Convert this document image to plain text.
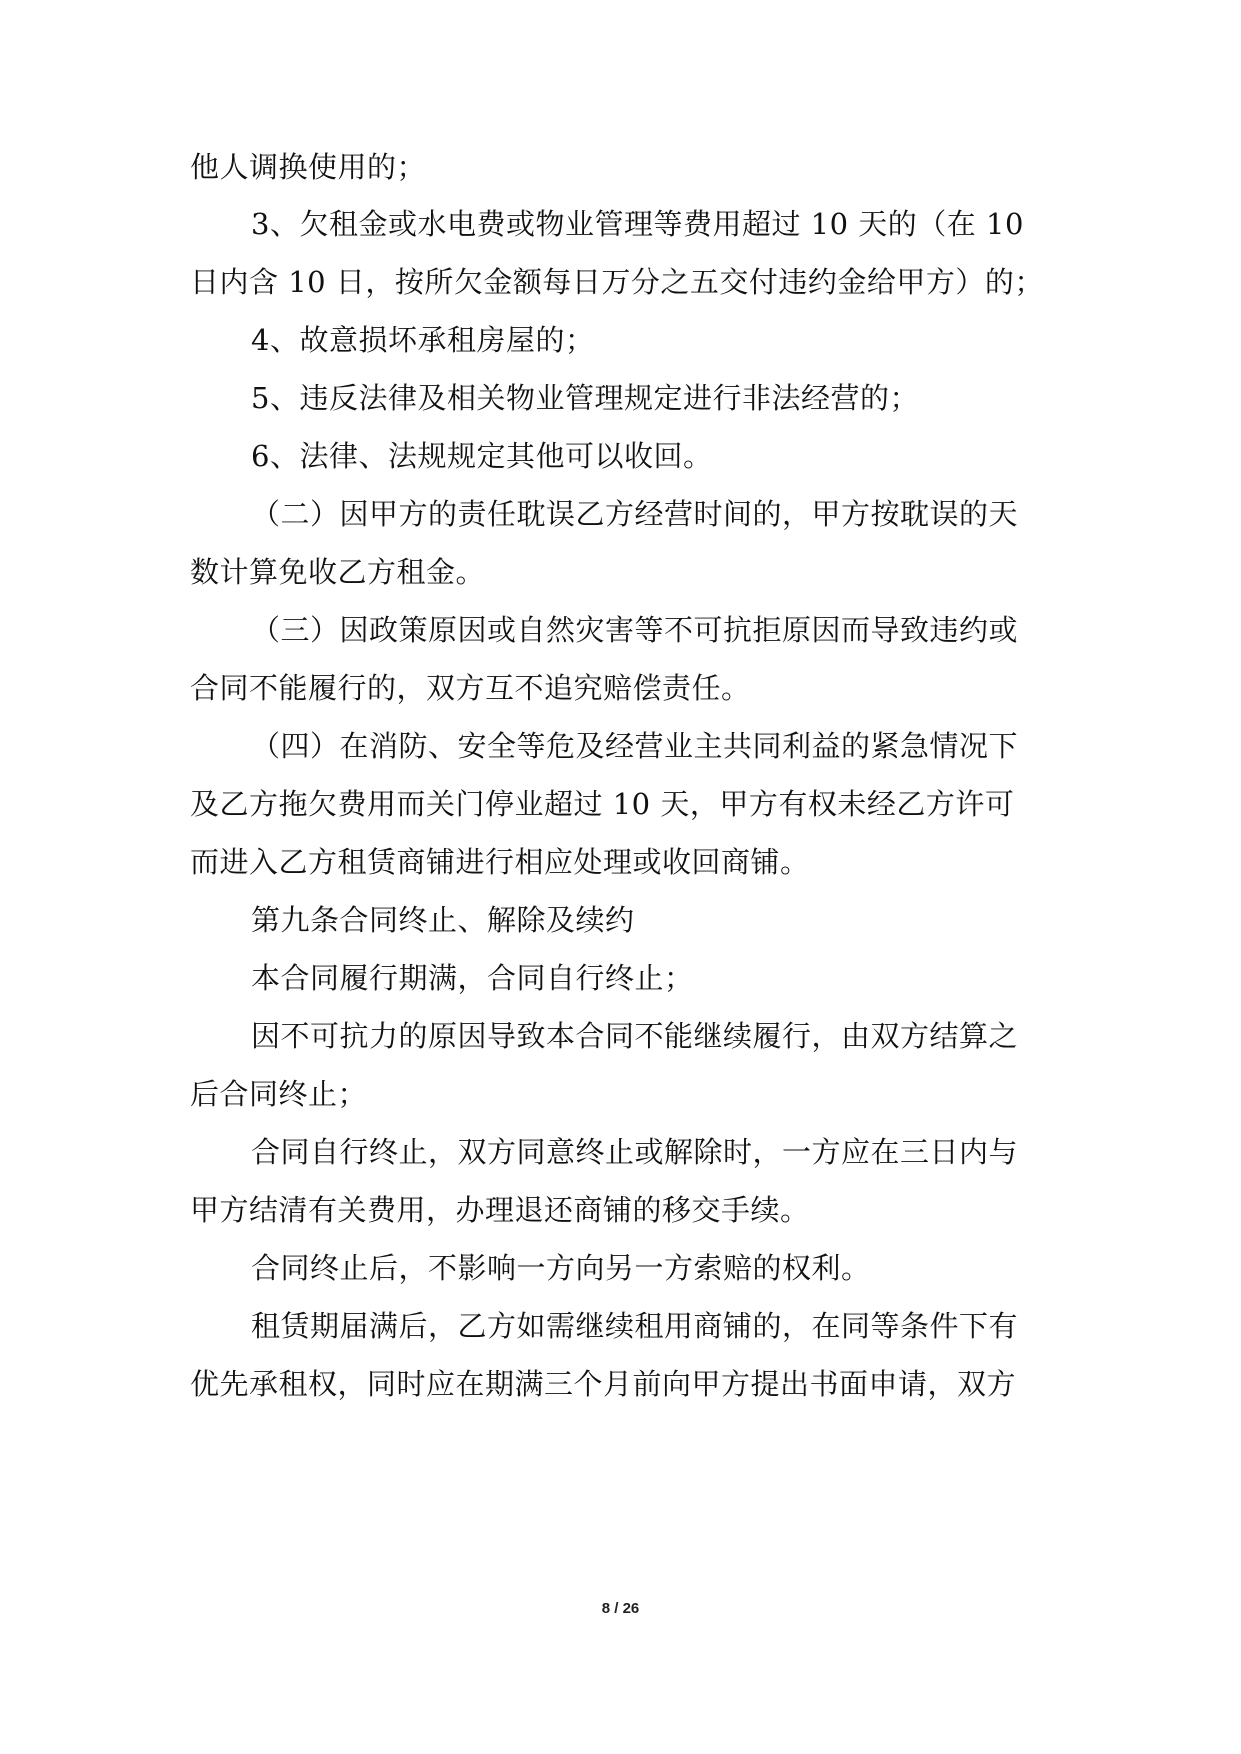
他人调换使用的；
3、欠租金或水电费或物业管理等费用超过 10 天的（在 10
日内含 10 日，按所欠金额每日万分之五交付违约金给甲方）的；
4、故意损坏承租房屋的；
5、违反法律及相关物业管理规定进行非法经营的；
6、法律、法规规定其他可以收回。
（二）因甲方的责任耽误乙方经营时间的，甲方按耽误的天
数计算免收乙方租金。
（三）因政策原因或自然灾害等不可抗拒原因而导致违约或
合同不能履行的，双方互不追究赔偿责任。
（四）在消防、安全等危及经营业主共同利益的紧急情况下
及乙方拖欠费用而关门停业超过 10 天，甲方有权未经乙方许可
而进入乙方租赁商铺进行相应处理或收回商铺。
第九条合同终止、解除及续约
本合同履行期满，合同自行终止；
因不可抗力的原因导致本合同不能继续履行，由双方结算之
后合同终止；
合同自行终止，双方同意终止或解除时，一方应在三日内与
甲方结清有关费用，办理退还商铺的移交手续。
合同终止后，不影响一方向另一方索赔的权利。
租赁期届满后，乙方如需继续租用商铺的，在同等条件下有
优先承租权，同时应在期满三个月前向甲方提出书面申请，双方
8 / 26
